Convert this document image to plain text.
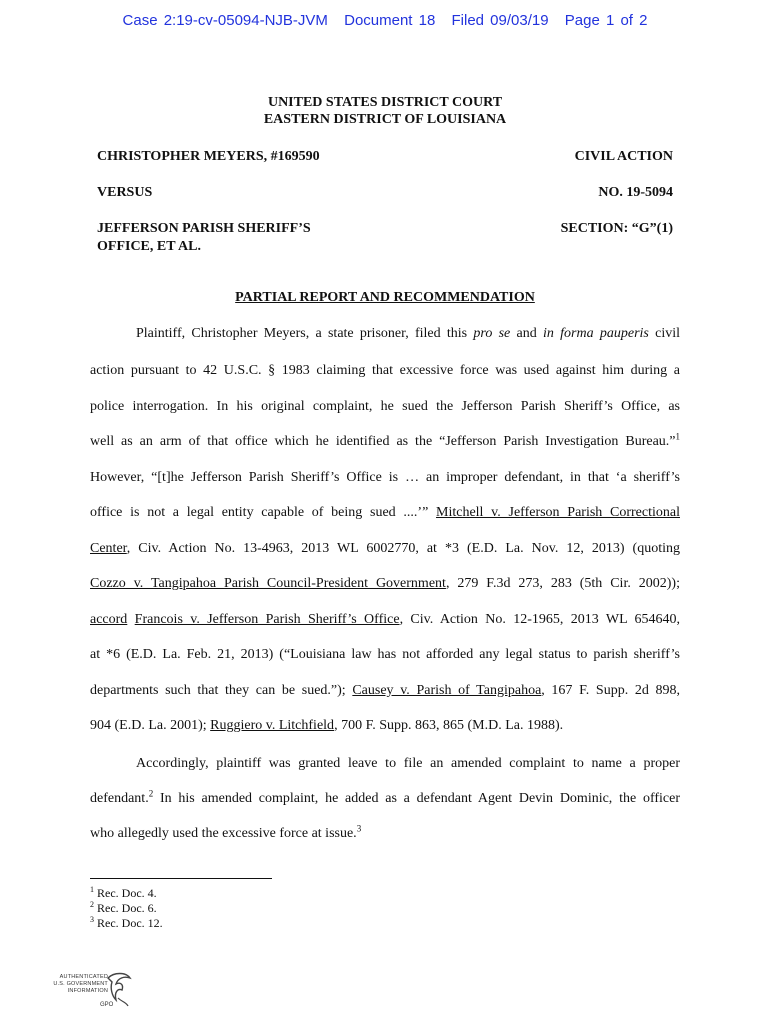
Case 2:19-cv-05094-NJB-JVM Document 18 Filed 09/03/19 Page 1 of 2
UNITED STATES DISTRICT COURT
EASTERN DISTRICT OF LOUISIANA
CHRISTOPHER MEYERS, #169590	CIVIL ACTION
VERSUS	NO. 19-5094
JEFFERSON PARISH SHERIFF’S
OFFICE, ET AL.
SECTION: “G”(1)
PARTIAL REPORT AND RECOMMENDATION
Plaintiff, Christopher Meyers, a state prisoner, filed this pro se and in forma pauperis civil
action pursuant to 42 U.S.C. § 1983 claiming that excessive force was used against him during a
police interrogation. In his original complaint, he sued the Jefferson Parish Sheriff’s Office, as
well as an arm of that office which he identified as the “Jefferson Parish Investigation Bureau.”$^1$
However, “[t]he Jefferson Parish Sheriff’s Office is … an improper defendant, in that ‘a sheriff’s
office is not a legal entity capable of being sued ....’” Mitchell v. Jefferson Parish Correctional
Center, Civ. Action No. 13-4963, 2013 WL 6002770, at *3 (E.D. La. Nov. 12, 2013) (quoting
Cozzo v. Tangipahoa Parish Council-President Government, 279 F.3d 273, 283 (5th Cir. 2002));
accord Francois v. Jefferson Parish Sheriff’s Office, Civ. Action No. 12-1965, 2013 WL 654640,
at *6 (E.D. La. Feb. 21, 2013) (“Louisiana law has not afforded any legal status to parish sheriff’s
departments such that they can be sued.”); Causey v. Parish of Tangipahoa, 167 F. Supp. 2d 898,
904 (E.D. La. 2001); Ruggiero v. Litchfield, 700 F. Supp. 863, 865 (M.D. La. 1988).
Accordingly, plaintiff was granted leave to file an amended complaint to name a proper
defendant.$^2$ In his amended complaint, he added as a defendant Agent Devin Dominic, the officer
who allegedly used the excessive force at issue.$^3$
$^1$ Rec. Doc. 4.
$^2$ Rec. Doc. 6.
$^3$ Rec. Doc. 12.
AUTHENTICATED
U.S. GOVERNMENT
INFORMATION
GPO
